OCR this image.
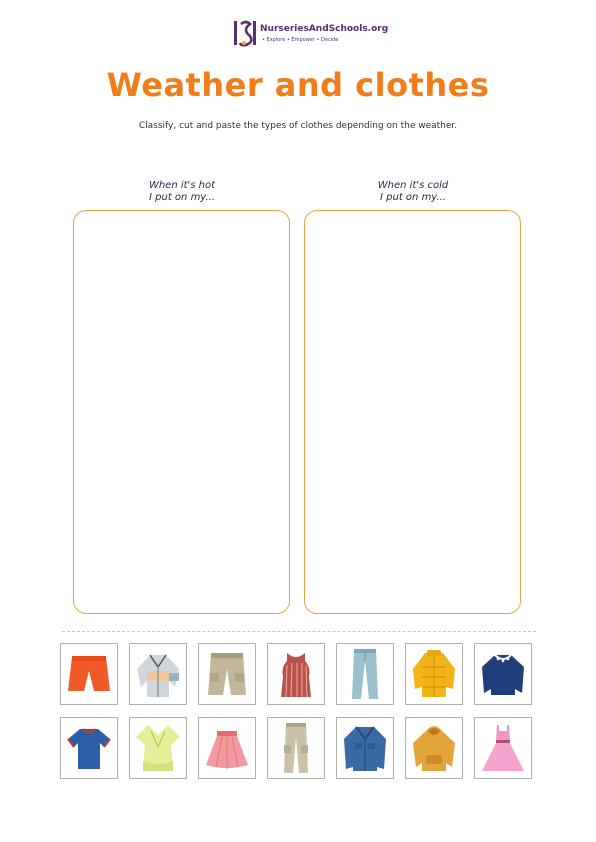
NurseriesAndSchools.org
• Explore • Empower • Decide
Weather and clothes
Classify, cut and paste the types of clothes depending on the weather.
When it's hot
I put on my...
When it's cold
I put on my...
